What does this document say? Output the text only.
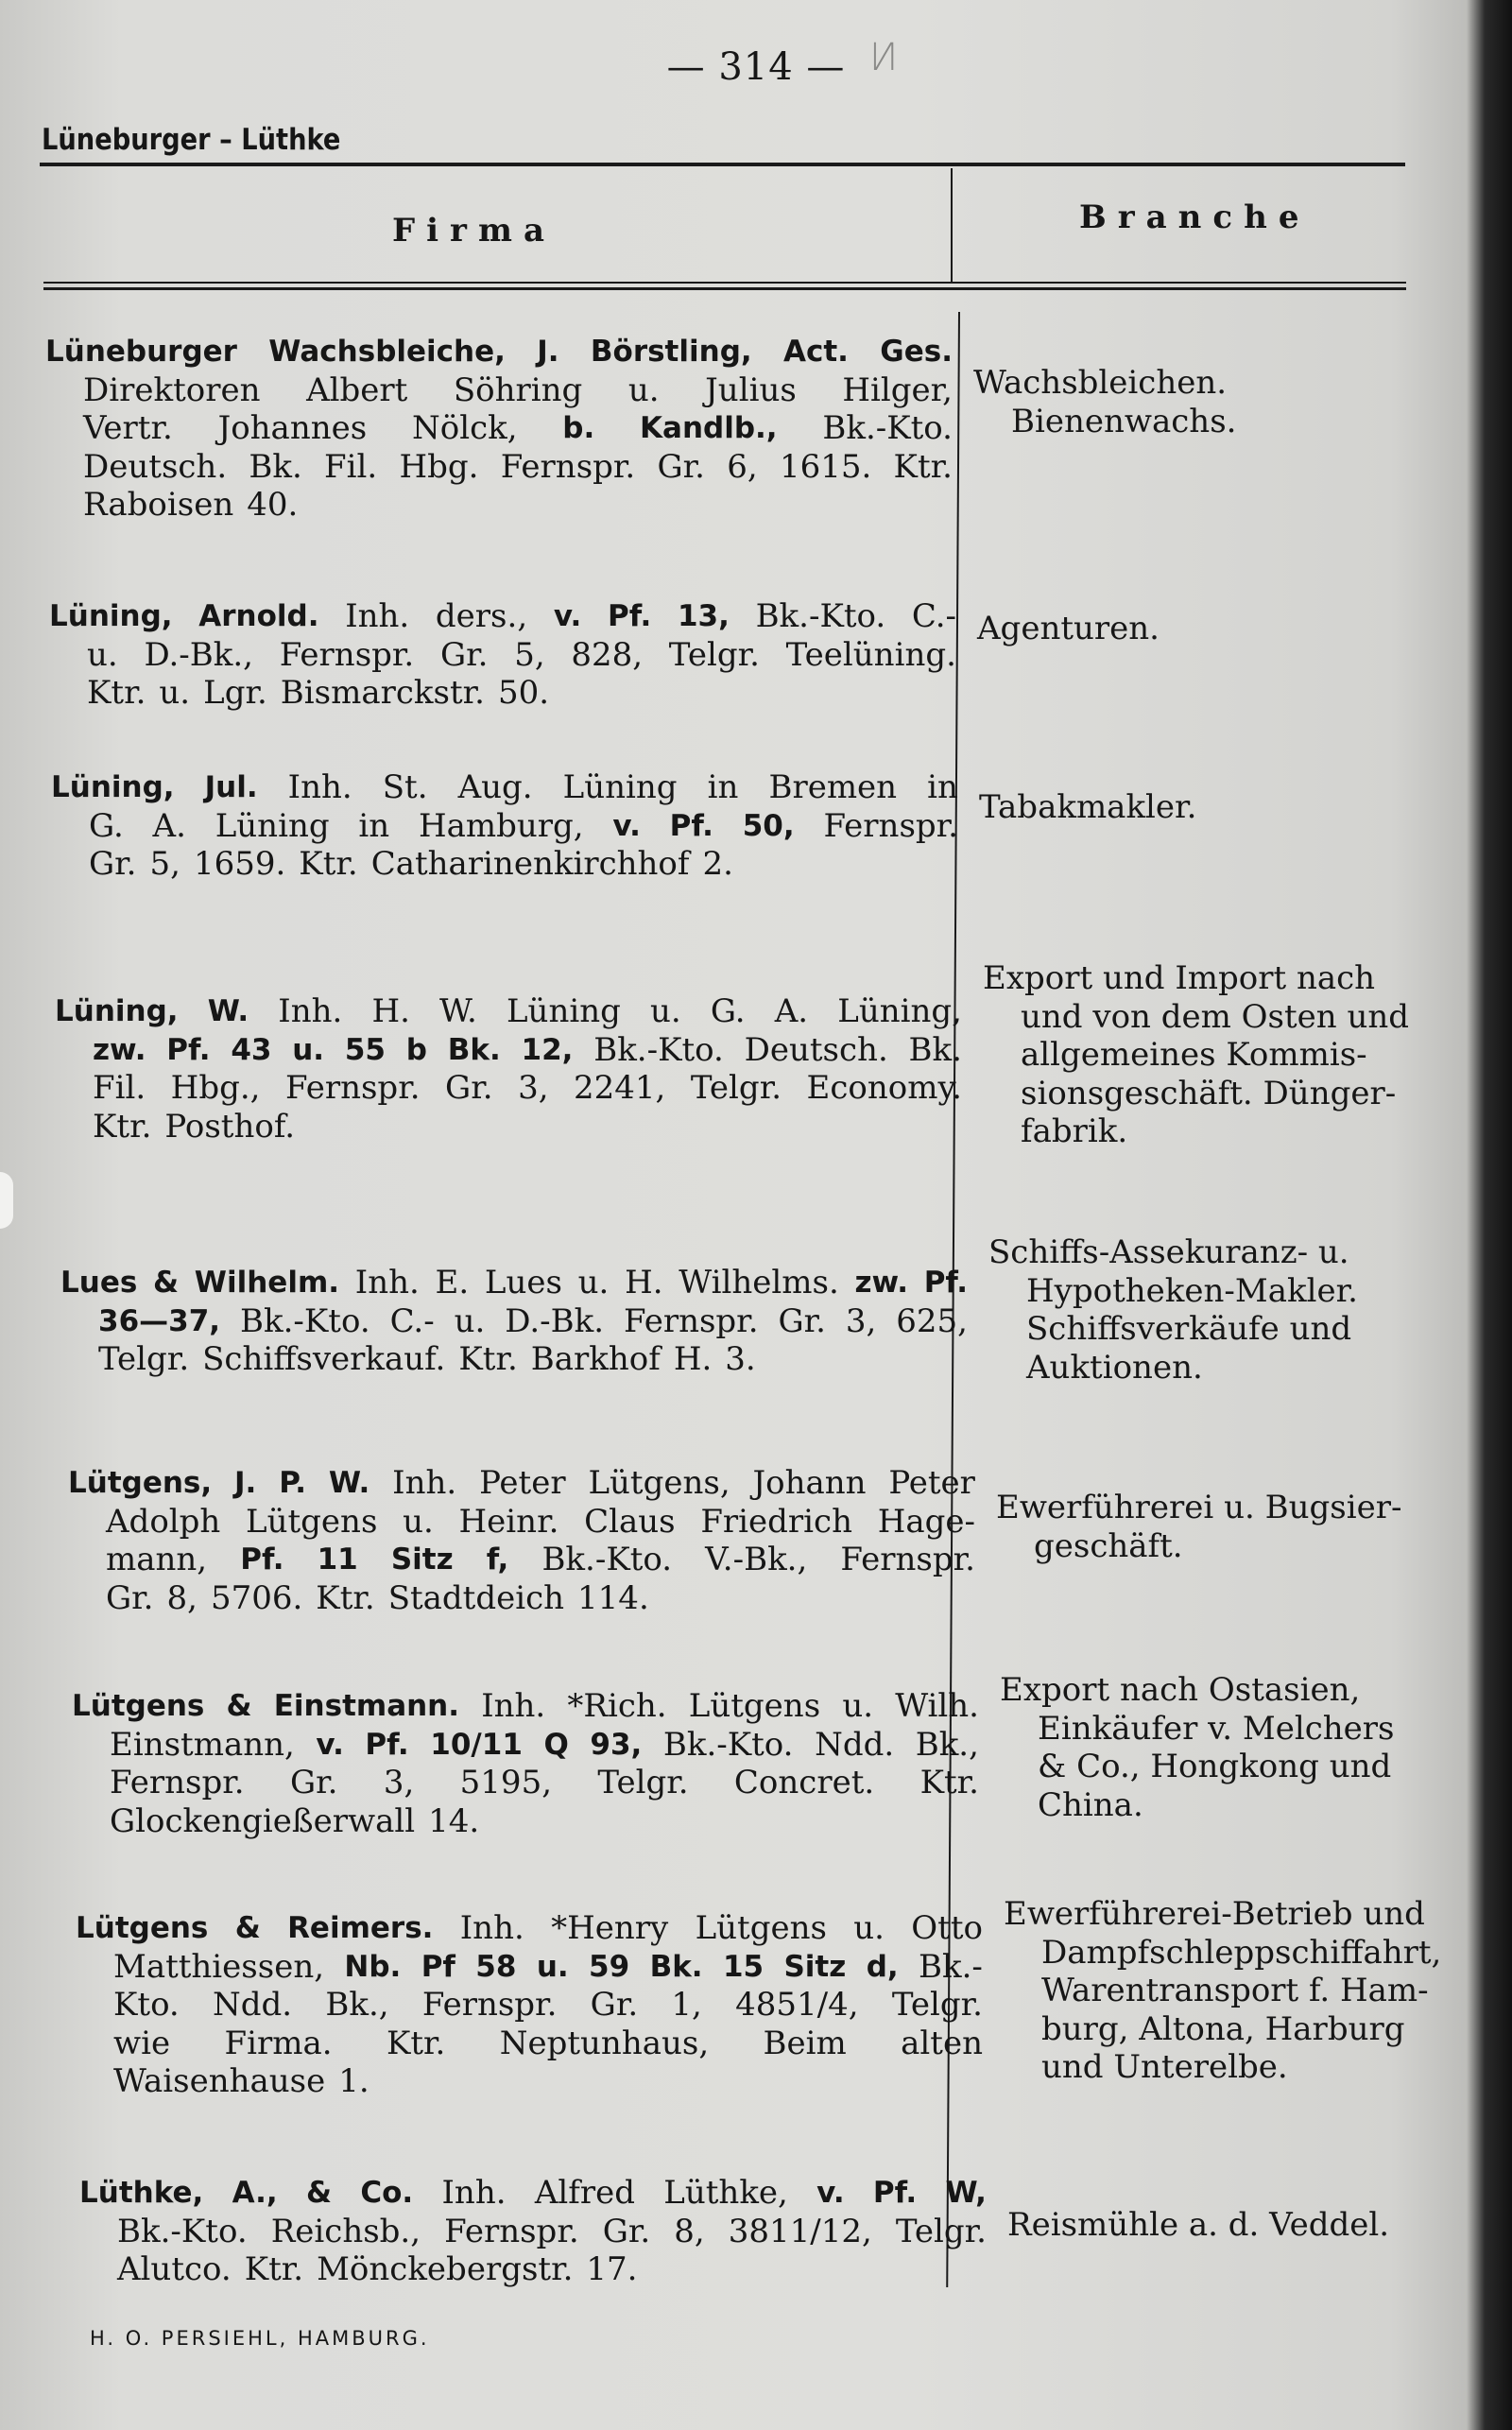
— 314 — И
Lüneburger – Lüthke
Firma	Branche
Lüneburger Wachsbleiche, J. Börstling, Act. Ges.
Direktoren Albert Söhring u. Julius Hilger,
Vertr. Johannes Nölck, b. Kandlb., Bk.-Kto.
Deutsch. Bk. Fil. Hbg. Fernspr. Gr. 6, 1615. Ktr.
Raboisen 40.
Wachsbleichen.
Bienenwachs.
Lüning, Arnold. Inh. ders., v. Pf. 13, Bk.-Kto. C.-
u. D.-Bk., Fernspr. Gr. 5, 828, Telgr. Teelüning.
Ktr. u. Lgr. Bismarckstr. 50.
Agenturen.
Lüning, Jul. Inh. St. Aug. Lüning in Bremen in
G. A. Lüning in Hamburg, v. Pf. 50, Fernspr.
Gr. 5, 1659. Ktr. Catharinenkirchhof 2.
Tabakmakler.
Lüning, W. Inh. H. W. Lüning u. G. A. Lüning,
zw. Pf. 43 u. 55 b Bk. 12, Bk.-Kto. Deutsch. Bk.
Fil. Hbg., Fernspr. Gr. 3, 2241, Telgr. Economy.
Ktr. Posthof.
Export und Import nach
und von dem Osten und
allgemeines Kommis-
sionsgeschäft. Dünger-
fabrik.
Lues & Wilhelm. Inh. E. Lues u. H. Wilhelms. zw. Pf.
36—37, Bk.-Kto. C.- u. D.-Bk. Fernspr. Gr. 3, 625,
Telgr. Schiffsverkauf. Ktr. Barkhof H. 3.
Schiffs-Assekuranz- u.
Hypotheken-Makler.
Schiffsverkäufe und
Auktionen.
Lütgens, J. P. W. Inh. Peter Lütgens, Johann Peter
Adolph Lütgens u. Heinr. Claus Friedrich Hage-
mann, Pf. 11 Sitz f, Bk.-Kto. V.-Bk., Fernspr.
Gr. 8, 5706. Ktr. Stadtdeich 114.
Ewerführerei u. Bugsier-
geschäft.
Lütgens & Einstmann. Inh. *Rich. Lütgens u. Wilh.
Einstmann, v. Pf. 10/11 Q 93, Bk.-Kto. Ndd. Bk.,
Fernspr. Gr. 3, 5195, Telgr. Concret. Ktr.
Glockengießerwall 14.
Export nach Ostasien,
Einkäufer v. Melchers
& Co., Hongkong und
China.
Lütgens & Reimers. Inh. *Henry Lütgens u. Otto
Matthiessen, Nb. Pf 58 u. 59 Bk. 15 Sitz d, Bk.-
Kto. Ndd. Bk., Fernspr. Gr. 1, 4851/4, Telgr.
wie Firma. Ktr. Neptunhaus, Beim alten
Waisenhause 1.
Ewerführerei-Betrieb und
Dampfschleppschiffahrt,
Warentransport f. Ham-
burg, Altona, Harburg
und Unterelbe.
Lüthke, A., & Co. Inh. Alfred Lüthke, v. Pf. W,
Bk.-Kto. Reichsb., Fernspr. Gr. 8, 3811/12, Telgr.
Alutco. Ktr. Mönckebergstr. 17.
Reismühle a. d. Veddel.
H. O. PERSIEHL, HAMBURG.
